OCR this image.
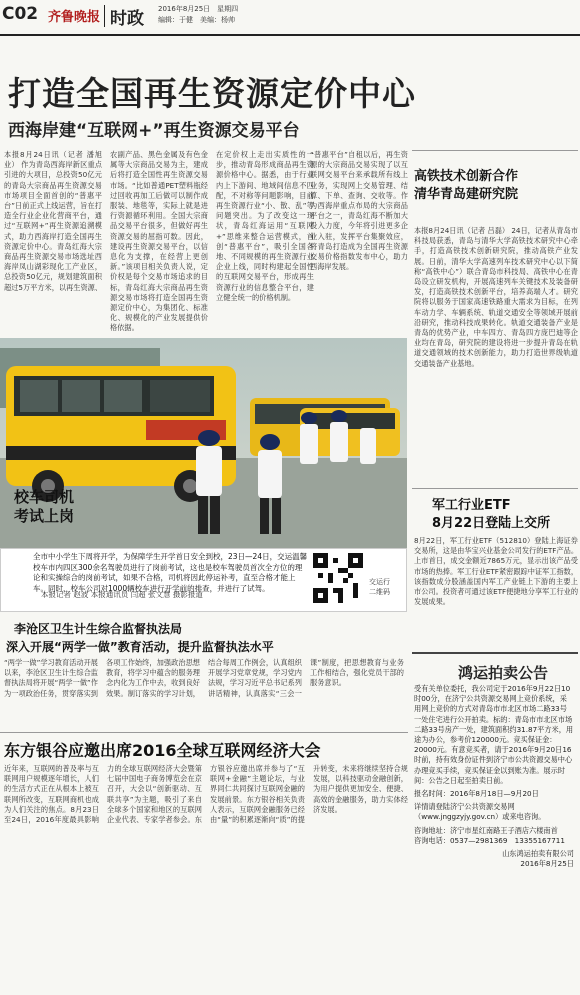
C02 齐鲁晚报 时政 2016年8月25日　星期四
编辑：于健　美编：杨帅
打造全国再生资源定价中心
西海岸建“互联网+”再生资源交易平台
本报8月24日讯（记者 潘旭业） 作为青岛西海岸新区重点引进的大项目，总投资50亿元的青岛大宗商品再生资源交易市场项目全面首创的“普惠平台”日前正式上线运营，旨在打造全行业企业化营商平台，通过“互联网+”再生资源追溯模式，助力西海岸打造全国再生资源定价中心。青岛红海大宗商品再生资源交易市场选址西海岸凤山湖彩现化工产业区，总投资50亿元，规划建筑面积超过5万平方米，以再生资源、
农副产品、黑色金属及有色金属等大宗商品交易为主，建成后将打造全国性再生资源交易市场。“比如普通PET塑料瓶经过回收再加工后做可以制作成服装、地毯等，实际上就是进行资源循环利用。全国大宗商品交易平台很多，但做好再生资源交易的屈指可数。因此，建设再生资源交易平台，以信息化为支撑，在经营上更创新。”该项目相关负责人说，定价权是每个交易市场追求的目标，青岛红海大宗商品再生资源交易市场将打造全国再生资源定价中心，为集团化、标准化、规模化的产业发展提供价格依据。
在定价权上走出实质性的一步，推动青岛形成商品再生资源价格中心。据悉，由于行业内上下游间、地域间信息不匹配，不对称等问题影响，目前再生资源行业“小、散、乱”等问题突出。为了改变这一现状，青岛红海运用“互联网+”思维来整合运营模式，首创“普惠平台”，吸引全国各地、不同规模的再生资源行业企业上线，同时构建起全国性的互联网交易平台，形成再生资源行业的信息整合平台，建立健全统一的价格机制。
“普惠平台”自租以后，再生资源的大宗商品交易实现了以互联网交易平台来承载所有线上业务，实现网上交易管理、结算、下单、查询、交收等。作为西海岸重点布局的大宗商品平台之一，青岛红海不断加大投入力度，今年将引进更多企业入驻，发挥平台集聚效应，将青岛打造成为全国再生资源交易价格指数发布中心，助力西海岸发展。
校车司机
考试上岗
全市中小学生下周将开学，为保障学生开学首日安全到校，23日—24日，交运温馨校车市内四区300余名驾驶员进行了岗前考试，这也是校车驾驶员首次全方位的理论和实操综合的岗前考试，如果不合格，司机将因此停运补考，直至合格才能上车。同时，校车公司对1000辆校车进行开学前的排查，并进行了试驾。
本报记者 赵波 本报通讯员 闫超 张文慧 摄影报道
交运行
二维码
李沧区卫生计生综合监督执法局
深入开展“两学一做”教育活动，提升监督执法水平
“两学一做”学习教育活动开展以来，李沧区卫生计生综合监督执法局将开展“两学一做”作为一项政治任务，贯穿落实到各项工作始终，加强政治思想教育，将学习中蕴含的服务理念内化为工作中去，收到良好效果。制订落实的学习计划，结合每周工作例会，认真组织开展学习党章党规，学习党内法规，学习习近平总书记系列讲话精神，认真落实“三会一课”制度，把思想教育与业务工作相结合，强化党员干部的服务意识。
东方银谷应邀出席2016全球互联网经济大会
近年来，互联网的普及率与互联网用户规模逐年增长，人们的生活方式正在从根本上被互联网所改变，互联网商机也成为人们关注的焦点。8月23日至24日，2016年度最具影响力的全球互联网经济大会暨第七届中国电子商务博览会在京召开，大会以“创新驱动、互联共享”为主题，吸引了来自全球多个国家和地区的互联网企业代表、专家学者参会。东方银谷应邀出席并参与了“互联网+金融”主题论坛，与业界同仁共同探讨互联网金融的发展前景。东方银谷相关负责人表示，互联网金融服务已经由“量”的积累逐渐向“质”的提升转变，未来将继续坚持合规发展，以科技驱动金融创新，为用户提供更加安全、便捷、高效的金融服务，助力实体经济发展。
高铁技术创新合作
清华青岛建研究院
本报8月24日讯（记者 吕磊） 24日，记者从青岛市科技局获悉，青岛与清华大学高铁技术研究中心牵手，打造高铁技术创新研究院，推动高铁产业发展。日前，清华大学高速列车技术研究中心以下简称“高铁中心”）联合青岛市科技局、高铁中心在青岛设立研发机构，开展高速列车关键技术及装备研发，打造高铁技术创新平台，培养高端人才。研究院将以服务于国家高速铁路重大需求为目标，在列车动力学、车辆系统、轨道交通安全等领域开展前沿研究，推动科技成果转化。轨道交通装备产业是青岛的优势产业，中车四方、青岛四方庞巴迪等企业均在青岛，研究院的建设将进一步提升青岛在轨道交通领域的技术创新能力，助力打造世界级轨道交通装备产业基地。
军工行业ETF
8月22日登陆上交所
8月22日，军工行业ETF（512810）登陆上海证券交易所，这是由华宝兴业基金公司发行的ETF产品。上市首日，成交金额近7865万元，显示出该产品受市场的热捧。军工行业ETF紧密跟踪中证军工指数，该指数成分股涵盖国内军工产业链上下游的主要上市公司。投资者可通过该ETF便捷地分享军工行业的发展成果。
鸿运拍卖公告
受有关单位委托，我公司定于2016年9月22日10时00分，在济宁公共资源交易网上竞价系统，采用网上竞价的方式对青岛市市北区市场二路33号一处住宅进行公开拍卖。标的：青岛市市北区市场二路33号房产一处，建筑面积约31.87平方米，用途为办公，参考价120000元。竞买保证金：20000元。有意竞买者，请于2016年9月20日16时前，持有效身份证件到济宁市公共资源交易中心办理竞买手续，竞买保证金以到账为准。展示时间：公告之日起至拍卖日前。
报名时间：2016年8月18日—9月20日
详情请登陆济宁公共资源交易网（www.jnggzyjy.gov.cn）或来电咨询。
咨询地址：济宁市星红南路王子酒店六楼南首
咨询电话：0537—2981369　13355167711
山东鸿运拍卖有限公司
2016年8月25日
